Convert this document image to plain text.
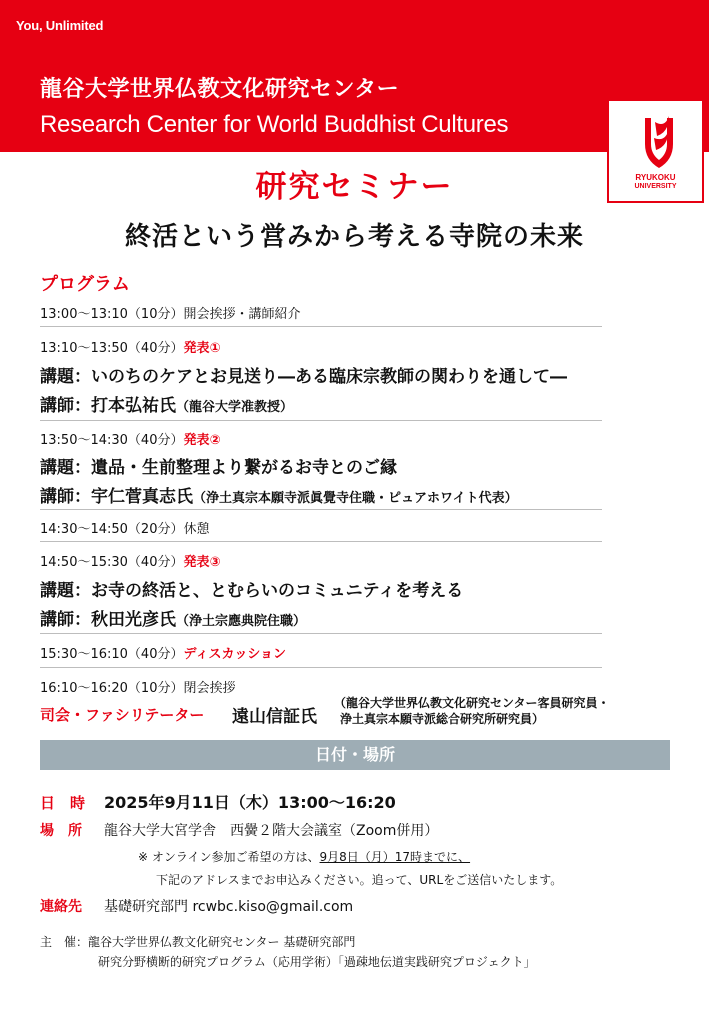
You, Unlimited
龍谷大学世界仏教文化研究センター
Research Center for World Buddhist Cultures
RYUKOKU
UNIVERSITY
研究セミナー
終活という営みから考える寺院の未来
プログラム
13:00～13:10（10分）開会挨拶・講師紹介
13:10～13:50（40分）発表①
講題：いのちのケアとお見送り―ある臨床宗教師の関わりを通して―
講師：打本弘祐氏（龍谷大学准教授）
13:50～14:30（40分）発表②
講題：遺品・生前整理より繋がるお寺とのご縁
講師：宇仁菅真志氏（浄土真宗本願寺派眞覺寺住職・ピュアホワイト代表）
14:30～14:50（20分）休憩
14:50～15:30（40分）発表③
講題：お寺の終活と、とむらいのコミュニティを考える
講師：秋田光彦氏（浄土宗應典院住職）
15:30～16:10（40分）ディスカッション
16:10～16:20（10分）閉会挨拶
司会・ファシリテーター 遠山信証氏
（龍谷大学世界仏教文化研究センター客員研究員・
浄土真宗本願寺派総合研究所研究員）
日付・場所
日　時 2025年9月11日（木）13:00～16:20
場　所 龍谷大学大宮学舎　西黌２階大会議室（Zoom併用）
※ オンライン参加ご希望の方は、9月8日（月）17時までに、
下記のアドレスまでお申込みください。追って、URLをご送信いたします。
連絡先 基礎研究部門 rcwbc.kiso@gmail.com
主　催：龍谷大学世界仏教文化研究センター 基礎研究部門
研究分野横断的研究プログラム（応用学術）「過疎地伝道実践研究プロジェクト」
